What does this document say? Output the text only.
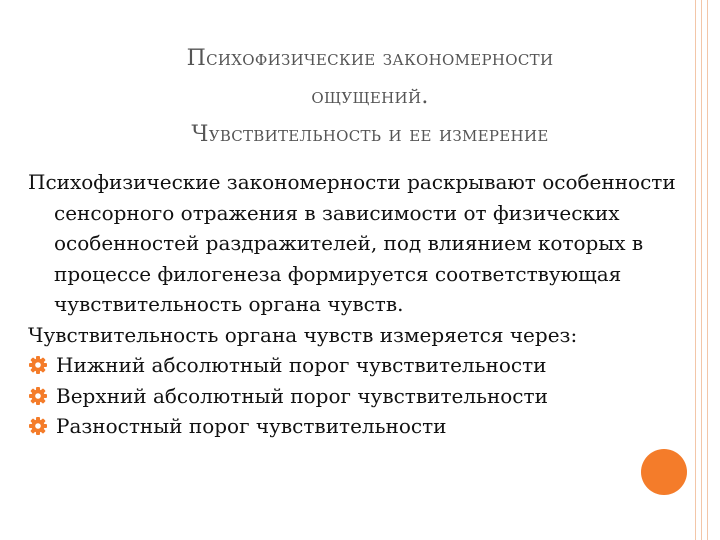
Психофизические закономерности
ощущений.
Чувствительность и ее измерение

Психофизические закономерности раскрывают особенности сенсорного отражения в зависимости от физических особенностей раздражителей, под влиянием которых в процессе филогенеза формируется соответствующая чувствительность органа чувств.

Чувствительность органа чувств измеряется через:

Нижний абсолютный порог чувствительности
Верхний абсолютный порог чувствительности
Разностный порог чувствительности
